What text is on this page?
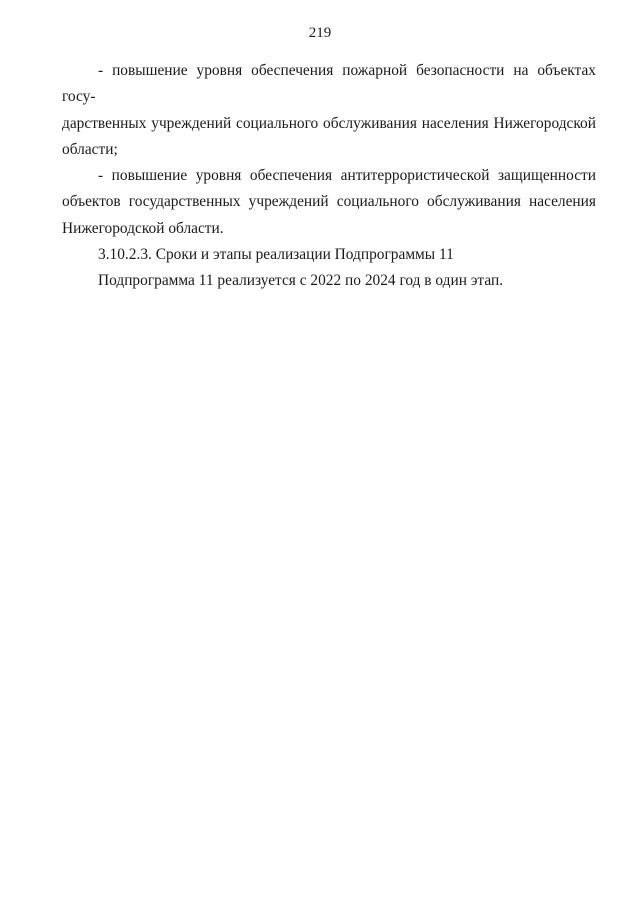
219
- повышение уровня обеспечения пожарной безопасности на объектах госу-
дарственных учреждений социального обслуживания населения Нижегородской
области;
- повышение уровня обеспечения антитеррористической защищенности
объектов государственных учреждений социального обслуживания населения
Нижегородской области.
3.10.2.3. Сроки и этапы реализации Подпрограммы 11
Подпрограмма 11 реализуется с 2022 по 2024 год в один этап.
